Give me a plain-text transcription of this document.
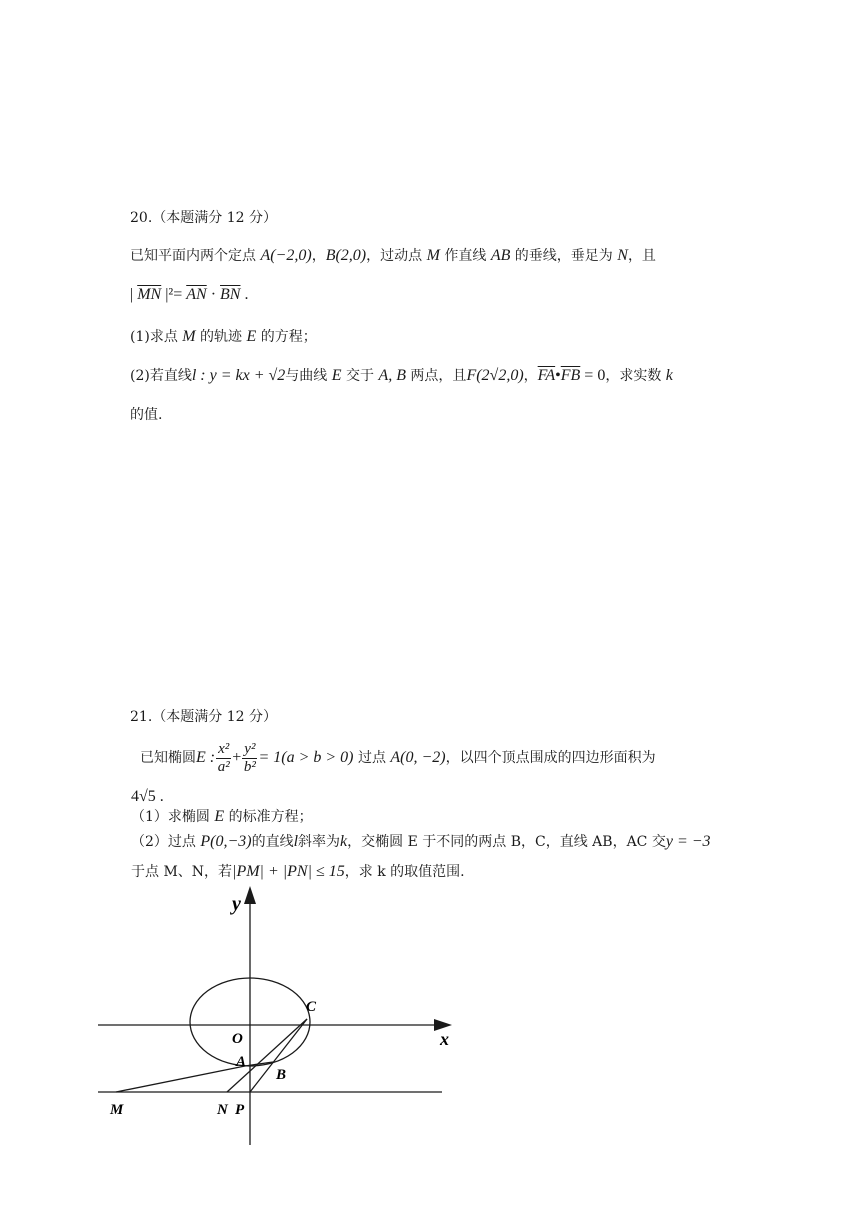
20.（本题满分 12 分）
已知平面内两个定点 A(−2,0)，B(2,0)，过动点 M 作直线 AB 的垂线，垂足为 N，且
| $\overline{MN}$ $|^2= \overline{AN} \cdot \overline{BN}$ .
(1)求点 M 的轨迹 E 的方程；
(2)若直线l : y = kx + √2与曲线 E 交于 A, B 两点，且F(2√2,0)，$\overline{FA}•\overline{FB} = 0$，求实数 k
的值.
21.（本题满分 12 分）
已知椭圆E : $\frac{\text{x²}}{\text{a²}} + \frac{\text{y²}}{\text{b²}} = 1(a > b > 0)$ 过点 A(0, −2)，以四个顶点围成的四边形面积为
4√5 .
（1）求椭圆 E 的标准方程；
（2）过点 P(0,−3)的直线l斜率为k，交椭圆 E 于不同的两点 B，C，直线 AB，AC 交y = −3
于点 M、N，若|PM| + |PN| ≤ 15，求 k 的取值范围.
y
x
O
A
B
C
M	N P
